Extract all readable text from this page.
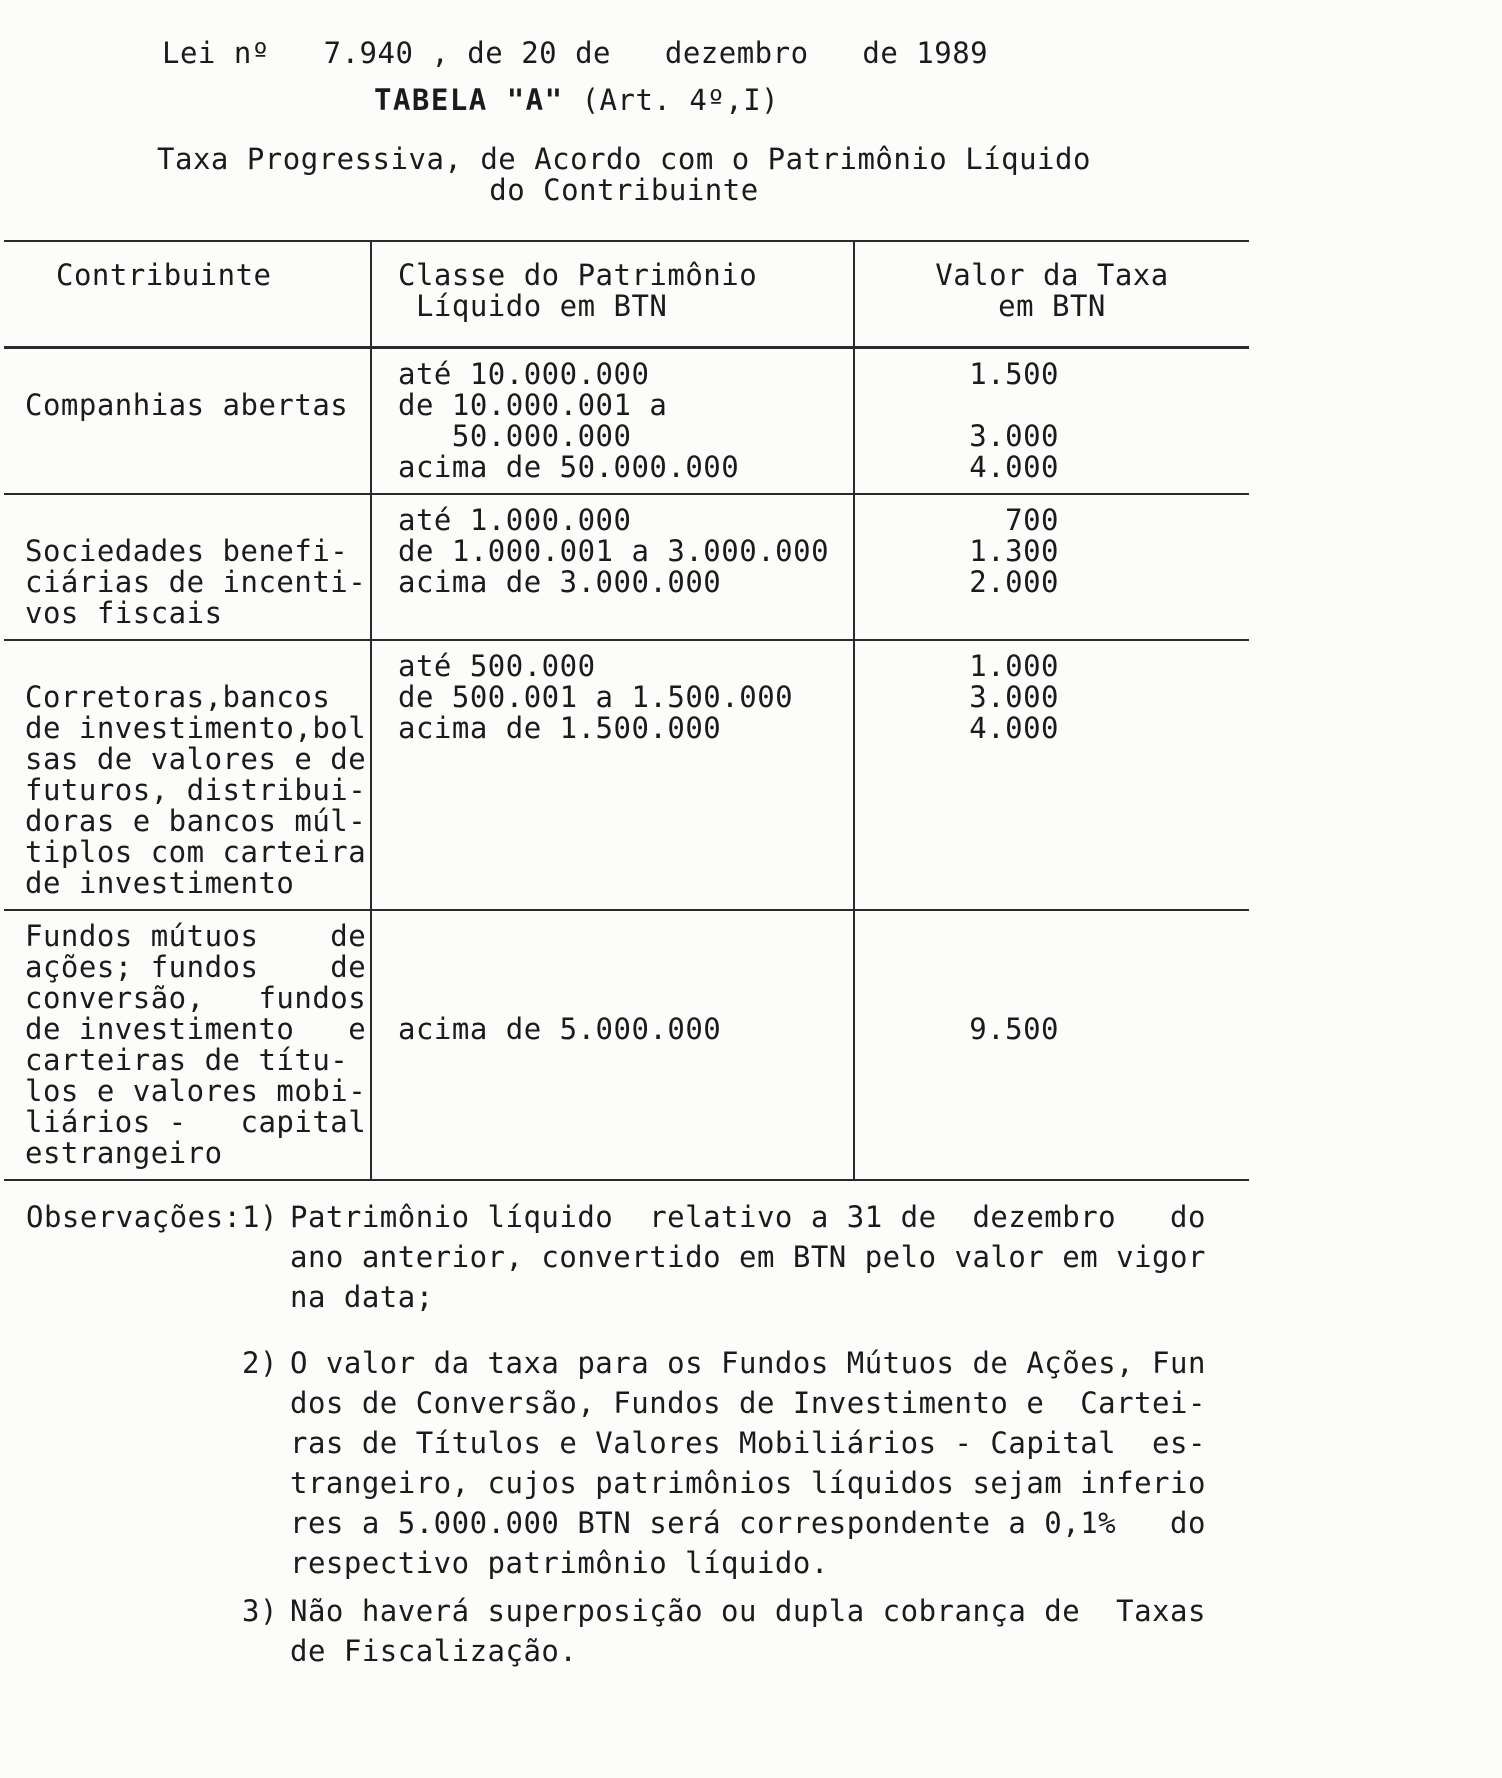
Lei nº   7.940 , de 20 de   dezembro   de 1989
TABELA "A" (Art. 4º,I)
Taxa Progressiva, de Acordo com o Patrimônio Líquido
do Contribuinte
Contribuinte	Classe do Patrimônio
Líquido em BTN
Valor da Taxa
em BTN
Companhias abertas
até 10.000.000
de 10.000.001 a
50.000.000
acima de 50.000.000
1.500
3.000
4.000
Sociedades benefi-
ciárias de incenti-
vos fiscais
até 1.000.000
de 1.000.001 a 3.000.000
acima de 3.000.000
700
1.300
2.000
Corretoras,bancos
de investimento,bol
sas de valores e de
futuros, distribui-
doras e bancos múl-
tiplos com carteira
de investimento
até 500.000
de 500.001 a 1.500.000
acima de 1.500.000
1.000
3.000
4.000
Fundos mútuos    de
ações; fundos    de
conversão,   fundos
de investimento   e
carteiras de títu-
los e valores mobi-
liários -   capital
estrangeiro
acima de 5.000.000	9.500
Observações: 1) Patrimônio líquido  relativo a 31 de  dezembro   do
ano anterior, convertido em BTN pelo valor em vigor
na data;
2) O valor da taxa para os Fundos Mútuos de Ações, Fun
dos de Conversão, Fundos de Investimento e  Cartei-
ras de Títulos e Valores Mobiliários - Capital  es-
trangeiro, cujos patrimônios líquidos sejam inferio
res a 5.000.000 BTN será correspondente a 0,1%   do
respectivo patrimônio líquido.
3) Não haverá superposição ou dupla cobrança de  Taxas
de Fiscalização.
